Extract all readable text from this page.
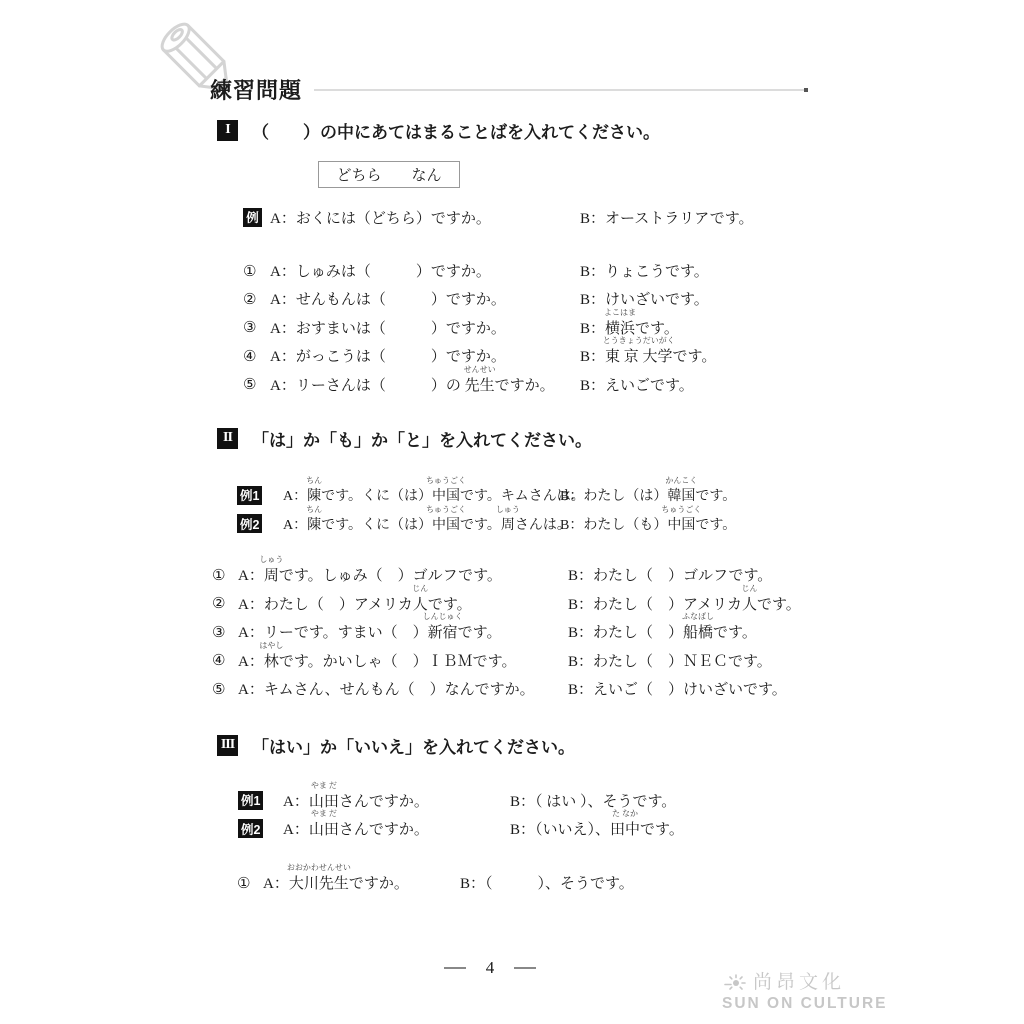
練習問題
I	（　　）の中にあてはまることばを入れてください。
どちら なん
例 A：おくには（どちら）ですか。	B：オーストラリアです。
① A：しゅみは（　　　）ですか。	B：りょこうです。
② A：せんもんは（　　　）ですか。	B：けいざいです。
③ A：おすまいは（　　　）ですか。	B：
よこはま
横浜です。
④ A：がっこうは（　　　）ですか。	B：
とうきょうだいがく
東 京 大学です。
⑤ A：リーさんは（　　　）の
せんせい
先生ですか。	B：えいごです。
II	「は」か「も」か「と」を入れてください。
例1 A：
ちん
陳です。くに（は）
ちゅうごく
中国です。キムさんは。
B：わたし（は）
かんこく
韓国です。
例2 A：
ちん
陳です。くに（は）
ちゅうごく
中国です。
しゅう
周さんは。
B：わたし（も）
ちゅうごく
中国です。
① A：
しゅう
周です。しゅみ（　）ゴルフです。	B：わたし（　）ゴルフです。
② A：わたし（　）アメリカ
じん
人です。	B：わたし（　）アメリカ
じん
人です。
③ A：リーです。すまい（　）
しんじゅく
新宿です。	B：わたし（　）
ふなばし
船橋です。
④ A：
はやし
林です。かいしゃ（　）ＩＢＭです。	B：わたし（　）ＮＥＣです。
⑤ A：キムさん、せんもん（　）なんですか。	B：えいご（　）けいざいです。
III 「はい」か「いいえ」を入れてください。
例1 A：
やま だ
山田さんですか。	B：（ はい ）、そうです。
例2 A：
やま だ
山田さんですか。	B：（いいえ）、
た なか
田中です。
① A：
おおかわせんせい
大川先生ですか。	B：（　　　）、そうです。
4
尚昂文化
SUN ON CULTURE
